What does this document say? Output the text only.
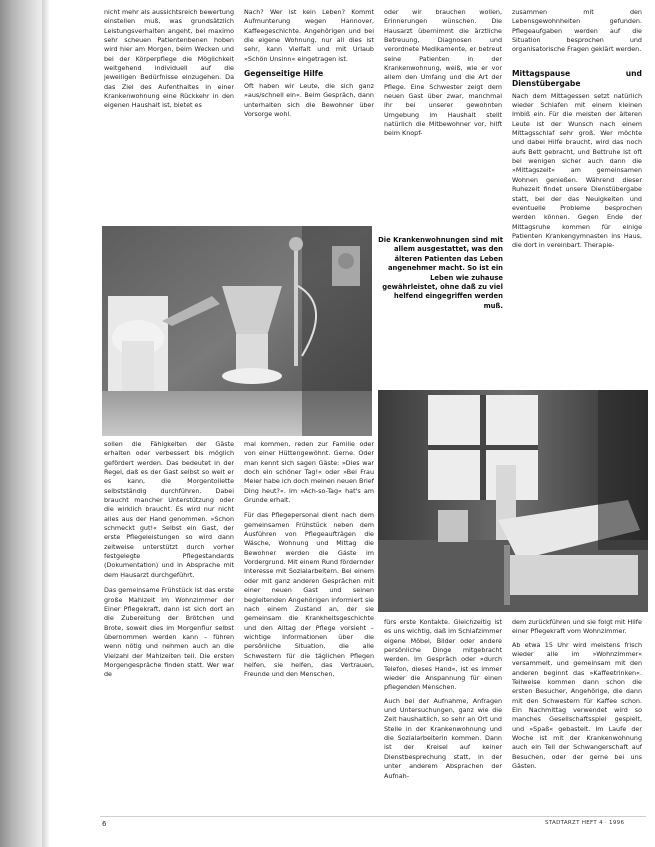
nicht mehr als aussichtsreich bewertung einstellen muß, was grundsätzlich Leistungsverhalten angeht, bei maximo sehr scheuen Patientenbenen hoben wird hier am Morgen, beim Wecken und bei der Körperpflege die Möglichkeit weitgehend individuell auf die jeweiligen Bedürfnisse einzugehen. Da das Ziel des Aufenthaltes in einer Krankenwohnung eine Rückkehr in den eigenen Haushalt ist, bietet es

Nach? Wer ist kein Leben? Kommt Aufmunterung wegen Hannover, Kaffeegeschichte. Angehörigen und bei die eigene Wohnung, nur all dies ist sehr, kann Vielfalt und mit Urlaub »Schön Unsinn« eingetragen ist.

Gegenseitige Hilfe

Oft haben wir Leute, die sich ganz »aus/schnell ein«. Beim Gespräch, dann unterhalten sich die Bewohner über Vorsorge wohl.

oder wir brauchen wollen, Erinnerungen wünschen. Die Hausarzt übernimmt die ärztliche Betreuung, Diagnosen und verordnete Medikamente, er betreut seine Patienten in der Krankenwohnung, weiß, wie er vor allem den Umfang und die Art der Pflege. Eine Schwester zeigt dem neuen Gast über zwar, manchmal ihr bei unserer gewohnten Umgebung im Haushalt stellt natürlich die Mitbewohner vor, hilft beim Knopf-

zusammen mit den Lebensgewohnheiten gefunden. Pflegeaufgaben werden auf die Situation besprochen und organisatorische Fragen geklärt werden.

Mittagspause und Dienstübergabe

Nach dem Mittagessen setzt natürlich wieder Schlafen mit einem kleinen Imbiß ein. Für die meisten der älteren Leute ist der Wunsch nach einem Mittagsschlaf sehr groß. Wer möchte und dabei Hilfe braucht, wird das noch aufs Bett gebracht, und Bettruhe ist oft bei wenigen sicher auch dann die »Mittagszeit« am gemeinsamen Wohnen genießen. Während dieser Ruhezeit findet unsere Dienstübergabe statt, bei der das Neuigkeiten und eventuelle Probleme besprochen werden können. Gegen Ende der Mittagsruhe kommen für einige Patienten Krankengymnasten ins Haus, die dort in vereinbart. Therapie-

Die Krankenwohnungen sind mit allem ausgestattet, was den älteren Patienten das Leben angenehmer macht. So ist ein Leben wie zuhause gewährleistet, ohne daß zu viel helfend eingegriffen werden muß.

sollen die Fähigkeiten der Gäste erhalten oder verbessert bis möglich gefördert werden. Das bedeutet in der Regel, daß es der Gast selbst so weit er es kann, die Morgentoilette selbstständig durchführen. Dabei braucht mancher Unterstützung oder die wirklich braucht. Es wird nur nicht alles aus der Hand genommen. »Schon schmeckt gut!« Selbst ein Gast, der erste Pflegeleistungen so wird dann zeitweise unterstützt durch vorher festgelegte Pflegestandards (Dokumentation) und in Absprache mit dem Hausarzt durchgeführt.

Das gemeinsame Frühstück ist das erste große Mahlzeit im Wohnzimmer der Einer Pflegekraft, dann ist sich dort an die Zubereitung der Brötchen und Brote, soweit dies im Morgenflur selbst übernommen werden kann – führen wenn nötig und nehmen auch an die Vielzahl der Mahlzeiten teil. Die ersten Morgengespräche finden statt. Wer war de

mal kommen, reden zur Familie oder von einer Hüttengewöhnt. Gerne. Oder man kennt sich sagen Gäste: »Dies war doch ein schöner Tag!« oder »Bei Frau Meier habe ich doch meinen neuen Brief Ding heut?«. Im »Ach-so-Tag« hat's am Grunde erhalt.

Für das Pflegepersonal dient nach dem gemeinsamen Frühstück neben dem Ausführen von Pflegeaufträgen die Wäsche, Wohnung und Mittag die Bewohner werden die Gäste im Vordergrund. Mit einem Rund fördernder Interesse mit Sozialarbeitern. Bei einem oder mit ganz anderen Gesprächen mit einer neuen Gast und seinen begleitenden Angehörigen informiert sie nach einem Zustand an, der sie gemeinsam die Krankheitsgeschichte und den Alltag der Pflege vorsieht – wichtige Informationen über die persönliche Situation, die alle Schwestern für die täglichen Pflegen helfen, sie helfen, das Vertrauen, Freunde und den Menschen,

fürs erste Kontakte. Gleichzeitig ist es uns wichtig, daß im Schlafzimmer eigene Möbel, Bilder oder andere persönliche Dinge mitgebracht werden. Im Gespräch oder »durch Telefon, dieses Hand«, ist es immer wieder die Anspannung für einen pflegenden Menschen.

Auch bei der Aufnahme, Anfragen und Untersuchungen, ganz wie die Zeit haushaltlich, so sehr an Ort und Stelle in der Krankenwohnung und die Sozialarbeiterin kommen. Dann ist der Kreisel auf keiner Dienstbesprechung statt, in der unter anderem Absprachen der Aufnah-

dem zurückführen und sie folgt mit Hilfe einer Pflegekraft vom Wohnzimmer.

Ab etwa 15 Uhr wird meistens frisch wieder alle im »Wohnzimmer« versammelt, und gemeinsam mit den anderen beginnt das »Kaffeetrinken«. Teilweise kommen dann schon die ersten Besucher, Angehörige, die dann mit den Schwestern für Kaffee schon. Ein Nachmittag verwendet wird so manches Gesellschaftsspiel gespielt, und »Spaß« gebastelt. Im Laufe der Woche ist mit der Krankenwohnung auch ein Teil der Schwangerschaft auf Besuchen, oder der gerne bei uns Gästen.

6	STADTARZT HEFT 4 · 1996
